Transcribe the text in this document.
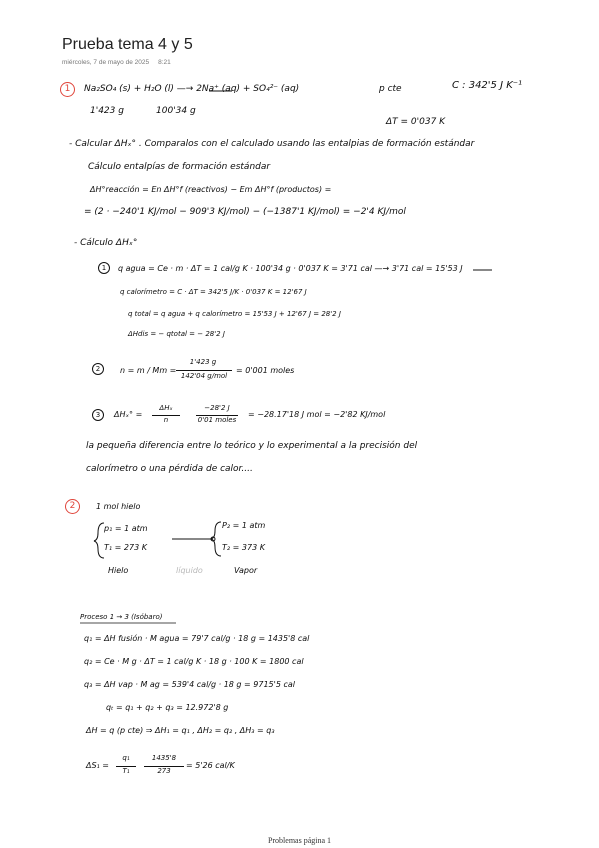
Prueba tema 4 y 5
miércoles, 7 de mayo de 2025 8:21
1	Na₂SO₄ (s) + H₂O (l) —→ 2Na⁺ (aq) + SO₄²⁻ (aq)	p cte	C : 342'5 J K⁻¹
1'423 g	100'34 g
ΔT = 0'037 K
- Calcular ΔHₓ° . Comparalos con el calculado usando las entalpias de formación estándar
Cálculo entalpías de formación estándar
ΔH°reacción = En ΔH°f (reactivos) − Em ΔH°f (productos) =
= (2 · −240'1 KJ/mol − 909'3 KJ/mol) − (−1387'1 KJ/mol) = −2'4 KJ/mol
- Cálculo ΔHₓ°
1	q agua = Ce · m · ΔT = 1 cal/g K · 100'34 g · 0'037 K = 3'71 cal —→ 3'71 cal = 15'53 J
q calorímetro = C · ΔT = 342'5 J/K · 0'037 K = 12'67 J
q total = q agua + q calorímetro = 15'53 J + 12'67 J = 28'2 J
ΔHdis = − qtotal = − 28'2 J
2	n = m / Mm =
1'423 g
142'04 g/mol
= 0'001 moles
3	ΔHₓ° =
ΔHₓ
n
−28'2 J
0'01 moles
= −28.17'18 J mol = −2'82 KJ/mol
la pequeña diferencia entre lo teórico y lo experimental a la precisión del
calorímetro o una pérdida de calor....
2	1 mol hielo
p₁ = 1 atm
T₁ = 273 K
P₂ = 1 atm
T₂ = 373 K
Hielo	líquido	Vapor
Proceso 1 → 3 (Isóbaro)
q₁ = ΔH fusión · M agua = 79'7 cal/g · 18 g = 1435'8 cal
q₂ = Ce · M g · ΔT = 1 cal/g K · 18 g · 100 K = 1800 cal
q₃ = ΔH vap · M ag = 539'4 cal/g · 18 g = 9715'5 cal
qₜ = q₁ + q₂ + q₃ = 12.972'8 g
ΔH = q (p cte) ⇒ ΔH₁ = q₁ , ΔH₂ = q₂ , ΔH₃ = q₃
ΔS₁ =
q₁
T₁
1435'8
273
= 5'26 cal/K
Problemas página 1
